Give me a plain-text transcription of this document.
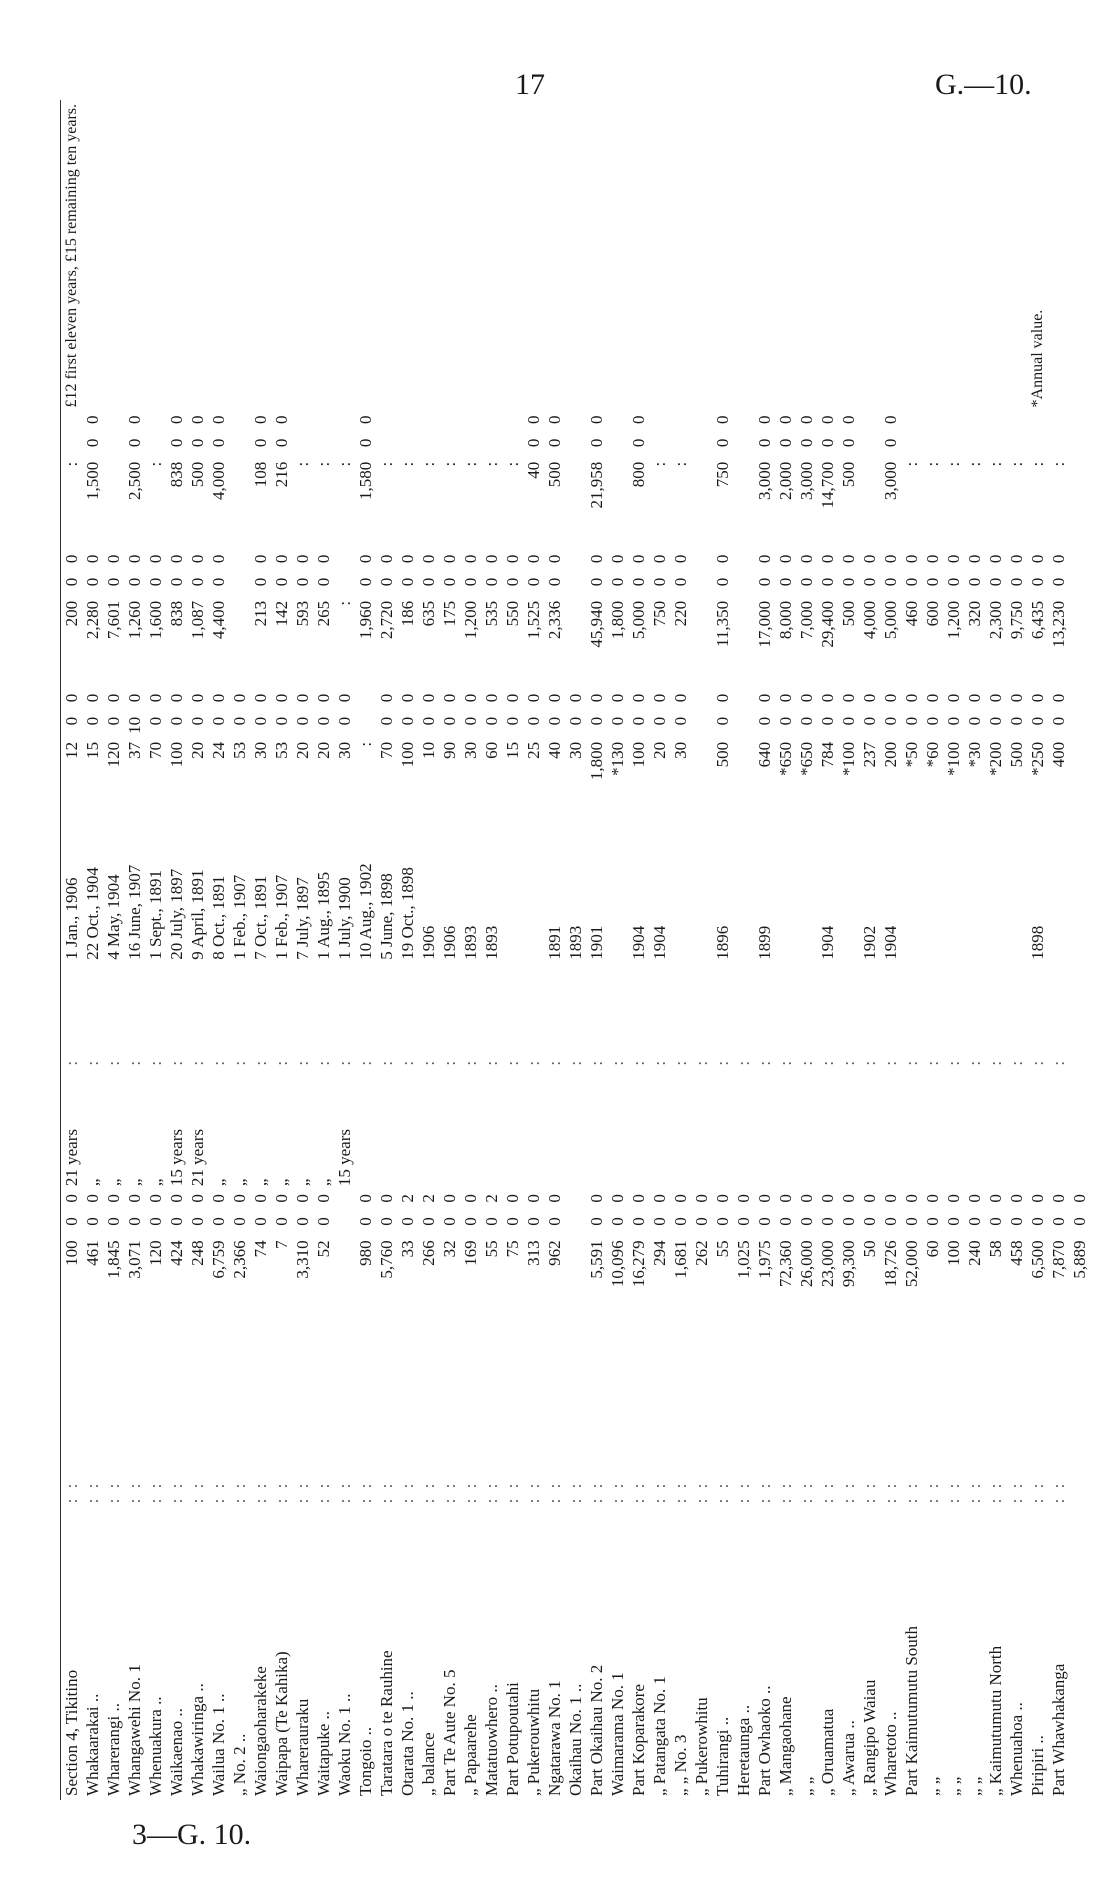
17	G.—10.
Section 4, Tikitino	: :	100	0	0	21 years	:	1 Jan., 1906	12	0	0	200	0	0	:			£12 first eleven years, £15 remaining ten years.
Whakaarakai ..	: :	461	0	0	„	:	22 Oct., 1904	15	0	0	2,280	0	0	1,500	0	0	
Wharerangi ..	: :	1,845	0	0	„	:	4 May, 1904	120	0	0	7,601	0	0				
Whangawehi No. 1	: :	3,071	0	0	„	:	16 June, 1907	37	10	0	1,260	0	0	2,500	0	0	
Whenuakura ..	: :	120	0	0	„	:	1 Sept., 1891	70	0	0	1,600	0	0	:			
Waikaenao ..	: :	424	0	0	15 years	:	20 July, 1897	100	0	0	838	0	0	838	0	0	
Whakawiringa ..	: :	248	0	0	21 years	:	9 April, 1891	20	0	0	1,087	0	0	500	0	0	
Wailua No. 1 ..	: :	6,759	0	0	„	:	8 Oct., 1891	24	0	0	4,400	0	0	4,000	0	0	
„ No. 2 ..	: :	2,366	0	0	„	:	1 Feb., 1907	53	0	0							
Waiongaoharakeke	: :	74	0	0	„	:	7 Oct., 1891	30	0	0	213	0	0	108	0	0	
Waipapa (Te Kahika)	: :	7	0	0	„	:	1 Feb., 1907	53	0	0	142	0	0	216	0	0	
Wharerauraku	: :	3,310	0	0	„	:	7 July, 1897	20	0	0	593	0	0	:			
Waitapuke ..	: :	52	0	0	„	:	1 Aug., 1895	20	0	0	265	0	0	:			
Waoku No. 1 ..	: :				15 years	:	1 July, 1900	30	0	0	:			:			
Tongoio ..	: :	980	0	0		:	10 Aug., 1902	:			1,960	0	0	1,580	0	0	
Taratara o te Rauhine	: :	5,760	0	0		:	5 June, 1898	70	0	0	2,720	0	0	:			
Otarata No. 1 ..	: :	33	0	2		:	19 Oct., 1898	100	0	0	186	0	0	:			
„ balance	: :	266	0	2		:	1906	10	0	0	635	0	0	:			
Part Te Aute No. 5	: :	32	0	0		:	1906	90	0	0	175	0	0	:			
„ Papaarehe	: :	169	0	0		:	1893	30	0	0	1,200	0	0	:			
Matatuowhero ..	: :	55	0	2		:	1893	60	0	0	535	0	0	:			
Part Potupoutahi	: :	75	0	0		:		15	0	0	550	0	0	:			
„ Pukerouwhitu	: :	313	0	0		:		25	0	0	1,525	0	0	40	0	0	
Ngatarawa No. 1	: :	962	0	0		:	1891	40	0	0	2,336	0	0	500	0	0	
Okaihau No. 1 ..	: :					:	1893	30	0	0							
Part Okaihau No. 2	: :	5,591	0	0		:	1901	1,800	0	0	45,940	0	0	21,958	0	0	
Waimarama No. 1	: :	10,096	0	0		:		*130	0	0	1,800	0	0				
Part Koparakore	: :	16,279	0	0		:	1904	100	0	0	5,000	0	0	800	0	0	
„ Patangata No. 1	: :	294	0	0		:	1904	20	0	0	750	0	0	:			
„ „ No. 3	: :	1,681	0	0		:		30	0	0	220	0	0	:			
„ Pukerowhitu	: :	262	0	0		:											
Tuhirangi ..	: :	55	0	0		:	1896	500	0	0	11,350	0	0	750	0	0	
Heretaunga ..	: :	1,025	0	0		:											
Part Owhaoko ..	: :	1,975	0	0		:	1899	640	0	0	17,000	0	0	3,000	0	0	
„ Mangaohane	: :	72,360	0	0		:		*650	0	0	8,000	0	0	2,000	0	0	
„ „	: :	26,000	0	0		:		*650	0	0	7,000	0	0	3,000	0	0	
„ Oruamatua	: :	23,000	0	0		:	1904	784	0	0	29,400	0	0	14,700	0	0	
„ Awarua ..	: :	99,300	0	0		:		*100	0	0	500	0	0	500	0	0	
„ Rangipo Waiau	: :	50	0	0		:	1902	237	0	0	4,000	0	0				
Wharetoto ..	: :	18,726	0	0		:	1904	200	0	0	5,000	0	0	3,000	0	0	
Part Kaimutumutu South	: :	52,000	0	0		:		*50	0	0	460	0	0	:			
„ „	: :	60	0	0		:		*60	0	0	600	0	0	:			
„ „	: :	100	0	0		:		*100	0	0	1,200	0	0	:			
„ „	: :	240	0	0		:		*30	0	0	320	0	0	:			
„ Kaimutumutu North	: :	58	0	0		:		*200	0	0	2,300	0	0	:			
Whenuahoa ..	: :	458	0	0		:		500	0	0	9,750	0	0	:			
Piripiri ..	: :	6,500	0	0		:	1898	*250	0	0	6,435	0	0	:			*Annual value.
Part Whawhakanga	: :	7,870	0	0		:		400	0	0	13,230	0	0	:			
		5,889	0	0													
3—G. 10.
